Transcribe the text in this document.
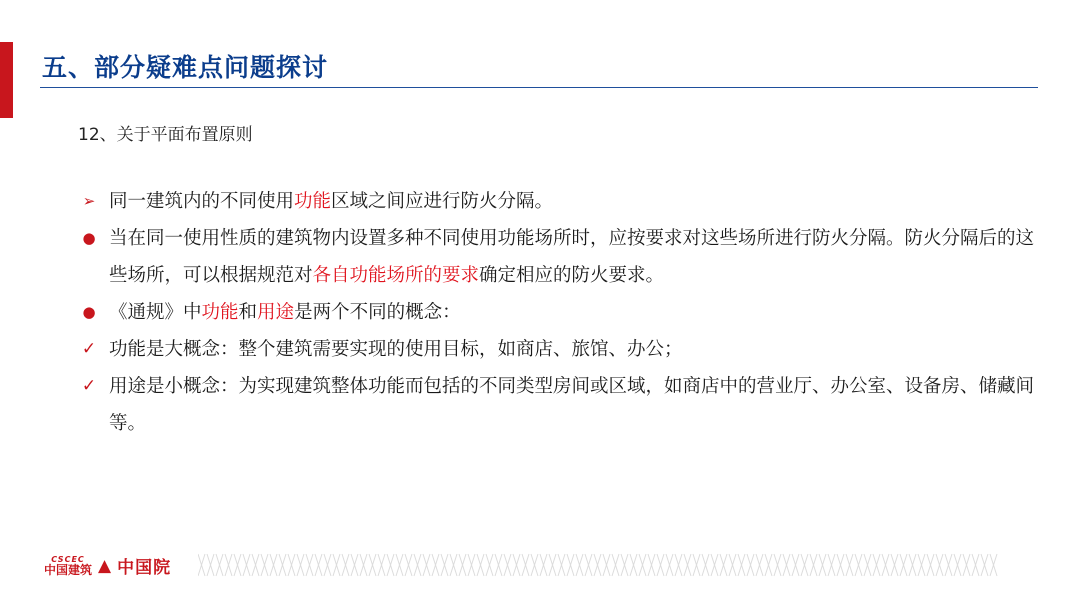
五、部分疑难点问题探讨
12、关于平面布置原则
➢ 同一建筑内的不同使用功能区域之间应进行防火分隔。
● 当在同一使用性质的建筑物内设置多种不同使用功能场所时，应按要求对这些场所进行防火分隔。防火分隔后的这些场所，可以根据规范对各自功能场所的要求确定相应的防火要求。
● 《通规》中功能和用途是两个不同的概念：
✓ 功能是大概念：整个建筑需要实现的使用目标，如商店、旅馆、办公；
✓ 用途是小概念：为实现建筑整体功能而包括的不同类型房间或区域，如商店中的营业厅、办公室、设备房、储藏间等。
CSCEC
中国建筑 ▲ 中国院
